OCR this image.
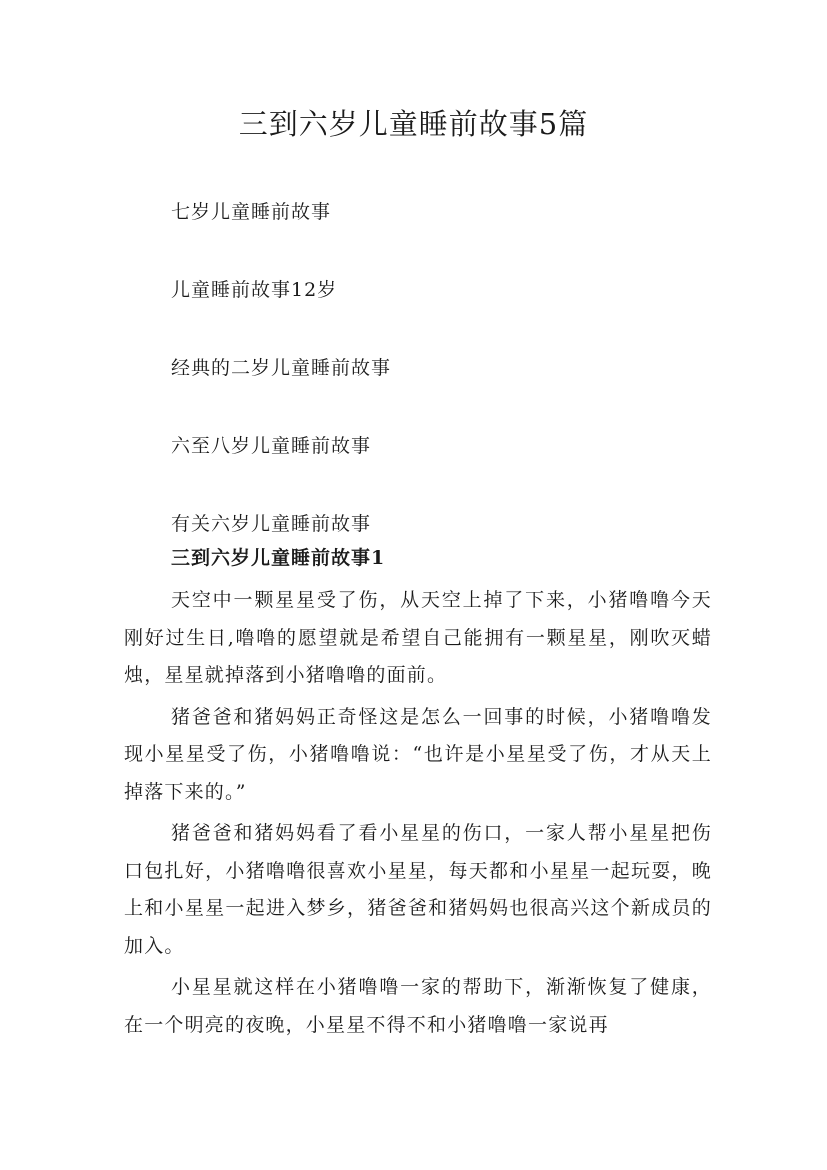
三到六岁儿童睡前故事5篇
七岁儿童睡前故事
儿童睡前故事12岁
经典的二岁儿童睡前故事
六至八岁儿童睡前故事
有关六岁儿童睡前故事
三到六岁儿童睡前故事1

天空中一颗星星受了伤，从天空上掉了下来，小猪噜噜今天刚好过生日,噜噜的愿望就是希望自己能拥有一颗星星，刚吹灭蜡烛，星星就掉落到小猪噜噜的面前。

猪爸爸和猪妈妈正奇怪这是怎么一回事的时候，小猪噜噜发现小星星受了伤，小猪噜噜说：“也许是小星星受了伤，才从天上掉落下来的。”

猪爸爸和猪妈妈看了看小星星的伤口，一家人帮小星星把伤口包扎好，小猪噜噜很喜欢小星星，每天都和小星星一起玩耍，晚上和小星星一起进入梦乡，猪爸爸和猪妈妈也很高兴这个新成员的加入。

小星星就这样在小猪噜噜一家的帮助下，渐渐恢复了健康，在一个明亮的夜晚，小星星不得不和小猪噜噜一家说再
